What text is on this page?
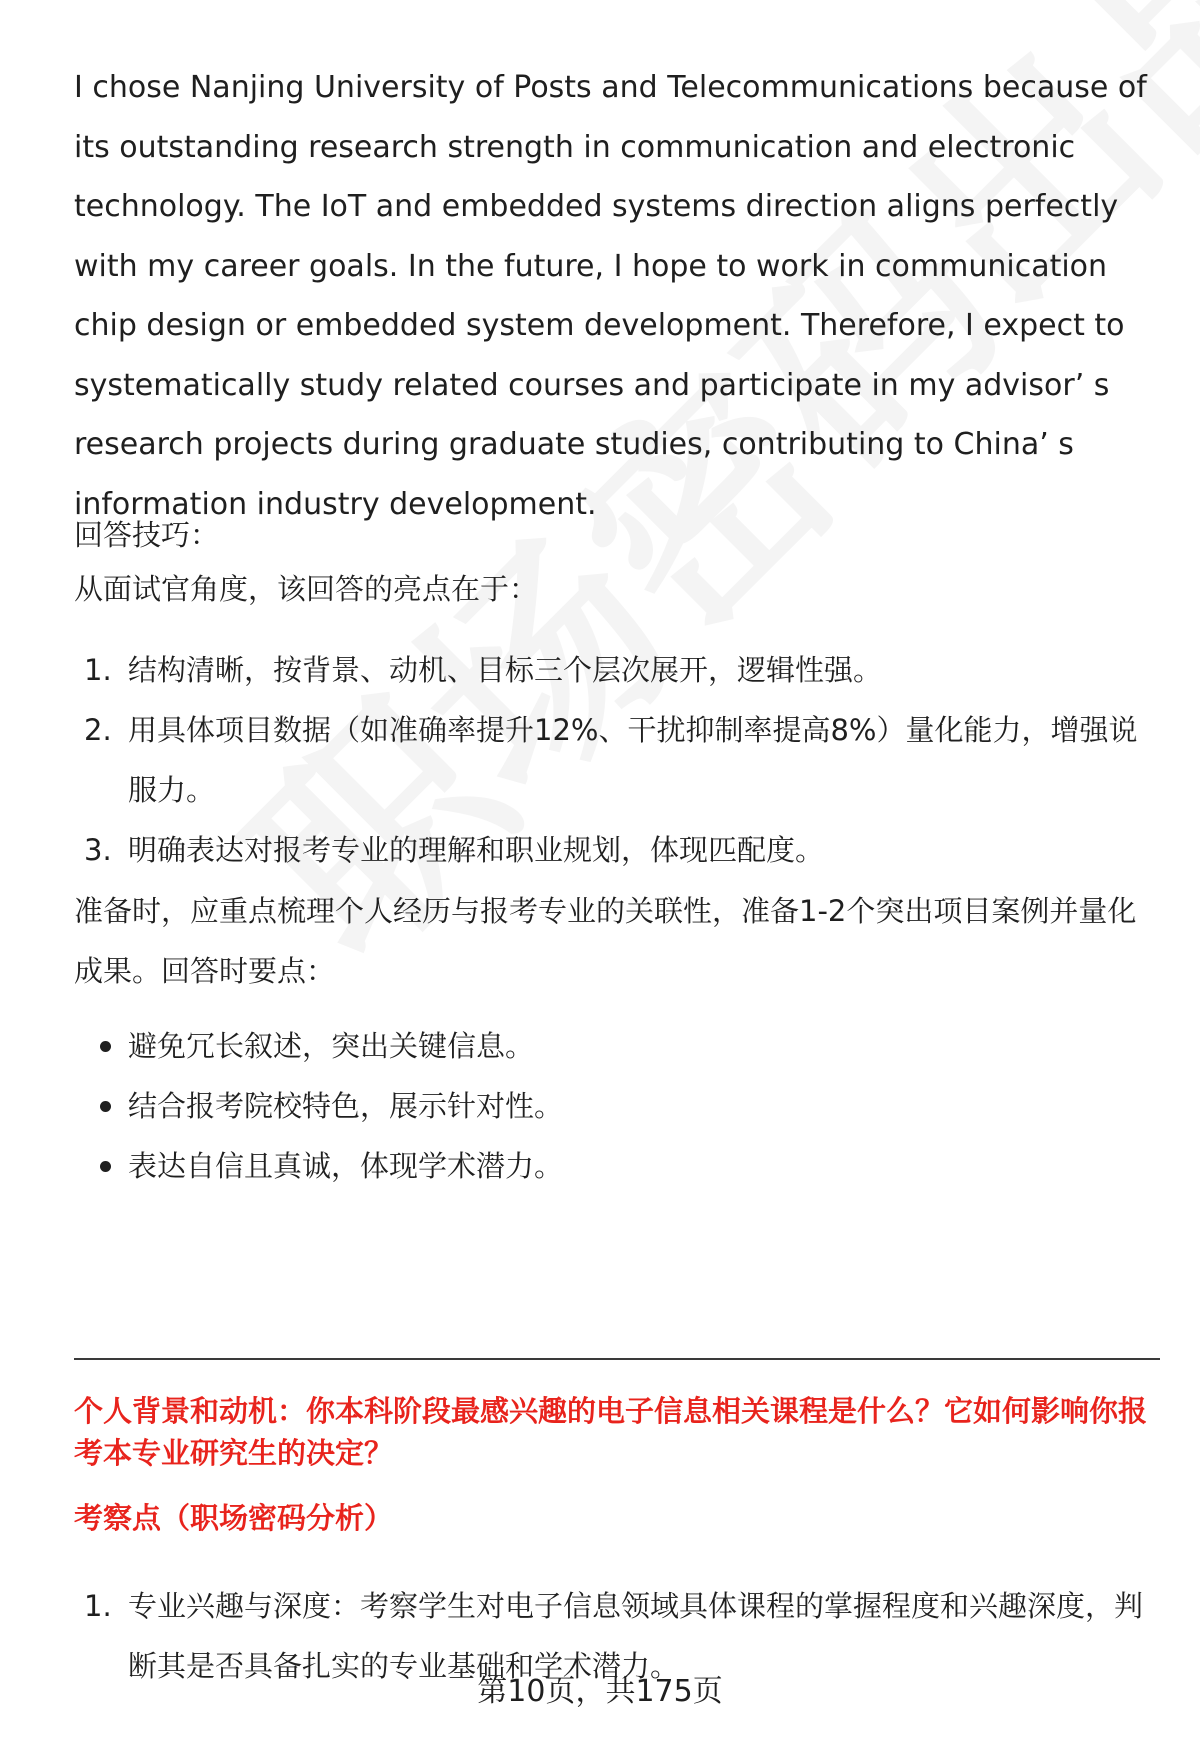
I chose Nanjing University of Posts and Telecommunications because of its outstanding research strength in communication and electronic technology. The IoT and embedded systems direction aligns perfectly with my career goals. In the future, I hope to work in communication chip design or embedded system development. Therefore, I expect to systematically study related courses and participate in my advisor’ s research projects during graduate studies, contributing to China’ s information industry development.

回答技巧：

从面试官角度，该回答的亮点在于：

1. 结构清晰，按背景、动机、目标三个层次展开，逻辑性强。
2. 用具体项目数据（如准确率提升12%、干扰抑制率提高8%）量化能力，增强说服力。
3. 明确表达对报考专业的理解和职业规划，体现匹配度。

准备时，应重点梳理个人经历与报考专业的关联性，准备1-2个突出项目案例并量化成果。回答时要点：

避免冗长叙述，突出关键信息。
结合报考院校特色，展示针对性。
表达自信且真诚，体现学术潜力。

个人背景和动机：你本科阶段最感兴趣的电子信息相关课程是什么？它如何影响你报考本专业研究生的决定？

考察点（职场密码分析）

1. 专业兴趣与深度：考察学生对电子信息领域具体课程的掌握程度和兴趣深度，判断其是否具备扎实的专业基础和学术潜力。
第10页，共175页
